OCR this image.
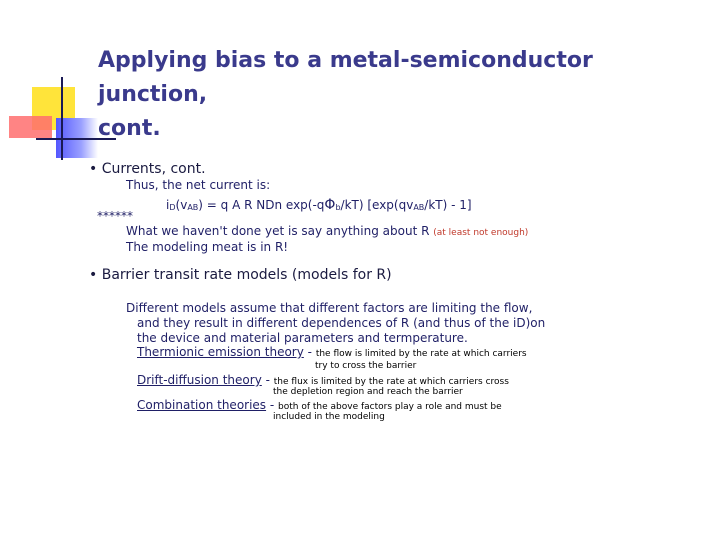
Applying bias to a metal-semiconductor junction,
cont.
• Currents, cont.
Thus, the net current is:
iD(vAB) = q A R NDn exp(-qΦb/kT) [exp(qvAB/kT) - 1]
******
What we haven't done yet is say anything about R (at least not enough)
The modeling meat is in R!
• Barrier transit rate models (models for R)
Different models assume that different factors are limiting the flow,
and they result in different dependences of R (and thus of the iD)on
the device and material parameters and termperature.
Thermionic emission theory - the flow is limited by the rate at which carriers
try to cross the barrier
Drift-diffusion theory - the flux is limited by the rate at which carriers cross
the depletion region and reach the barrier
Combination theories - both of the above factors play a role and must be
included in the modeling
